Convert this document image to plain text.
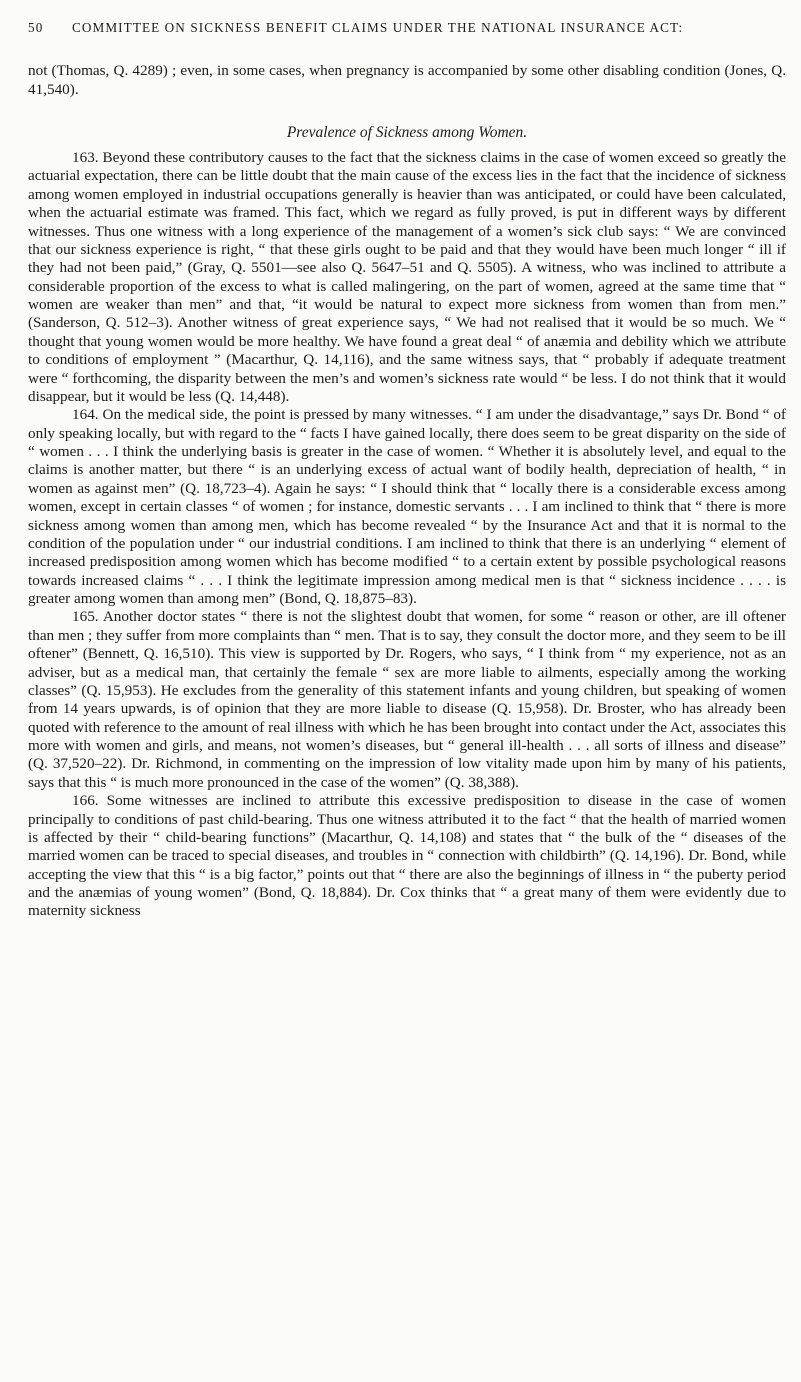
50 COMMITTEE ON SICKNESS BENEFIT CLAIMS UNDER THE NATIONAL INSURANCE ACT:

not (Thomas, Q. 4289) ; even, in some cases, when pregnancy is accompanied by some other disabling condition (Jones, Q. 41,540).

Prevalence of Sickness among Women.

163. Beyond these contributory causes to the fact that the sickness claims in the case of women exceed so greatly the actuarial expectation, there can be little doubt that the main cause of the excess lies in the fact that the incidence of sickness among women employed in industrial occupations generally is heavier than was anticipated, or could have been calculated, when the actuarial estimate was framed. This fact, which we regard as fully proved, is put in different ways by different witnesses. Thus one witness with a long experience of the management of a women’s sick club says: “ We are convinced that our sickness experience is right, “ that these girls ought to be paid and that they would have been much longer “ ill if they had not been paid,” (Gray, Q. 5501—see also Q. 5647–51 and Q. 5505). A witness, who was inclined to attribute a considerable proportion of the excess to what is called malingering, on the part of women, agreed at the same time that “ women are weaker than men” and that, “it would be natural to expect more sickness from women than from men.” (Sanderson, Q. 512–3). Another witness of great experience says, “ We had not realised that it would be so much. We “ thought that young women would be more healthy. We have found a great deal “ of anæmia and debility which we attribute to conditions of employment ” (Macarthur, Q. 14,116), and the same witness says, that “ probably if adequate treatment were “ forthcoming, the disparity between the men’s and women’s sickness rate would “ be less. I do not think that it would disappear, but it would be less (Q. 14,448).

164. On the medical side, the point is pressed by many witnesses. “ I am under the disadvantage,” says Dr. Bond “ of only speaking locally, but with regard to the “ facts I have gained locally, there does seem to be great disparity on the side of “ women . . . I think the underlying basis is greater in the case of women. “ Whether it is absolutely level, and equal to the claims is another matter, but there “ is an underlying excess of actual want of bodily health, depreciation of health, “ in women as against men” (Q. 18,723–4). Again he says: “ I should think that “ locally there is a considerable excess among women, except in certain classes “ of women ; for instance, domestic servants . . . I am inclined to think that “ there is more sickness among women than among men, which has become revealed “ by the Insurance Act and that it is normal to the condition of the population under “ our industrial conditions. I am inclined to think that there is an underlying “ element of increased predisposition among women which has become modified “ to a certain extent by possible psychological reasons towards increased claims “ . . . I think the legitimate impression among medical men is that “ sickness incidence . . . . is greater among women than among men” (Bond, Q. 18,875–83).

165. Another doctor states “ there is not the slightest doubt that women, for some “ reason or other, are ill oftener than men ; they suffer from more complaints than “ men. That is to say, they consult the doctor more, and they seem to be ill oftener” (Bennett, Q. 16,510). This view is supported by Dr. Rogers, who says, “ I think from “ my experience, not as an adviser, but as a medical man, that certainly the female “ sex are more liable to ailments, especially among the working classes” (Q. 15,953). He excludes from the generality of this statement infants and young children, but speaking of women from 14 years upwards, is of opinion that they are more liable to disease (Q. 15,958). Dr. Broster, who has already been quoted with reference to the amount of real illness with which he has been brought into contact under the Act, associates this more with women and girls, and means, not women’s diseases, but “ general ill-health . . . all sorts of illness and disease” (Q. 37,520–22). Dr. Richmond, in commenting on the impression of low vitality made upon him by many of his patients, says that this “ is much more pronounced in the case of the women” (Q. 38,388).

166. Some witnesses are inclined to attribute this excessive predisposition to disease in the case of women principally to conditions of past child-bearing. Thus one witness attributed it to the fact “ that the health of married women is affected by their “ child-bearing functions” (Macarthur, Q. 14,108) and states that “ the bulk of the “ diseases of the married women can be traced to special diseases, and troubles in “ connection with childbirth” (Q. 14,196). Dr. Bond, while accepting the view that this “ is a big factor,” points out that “ there are also the beginnings of illness in “ the puberty period and the anæmias of young women” (Bond, Q. 18,884). Dr. Cox thinks that “ a great many of them were evidently due to maternity sickness
